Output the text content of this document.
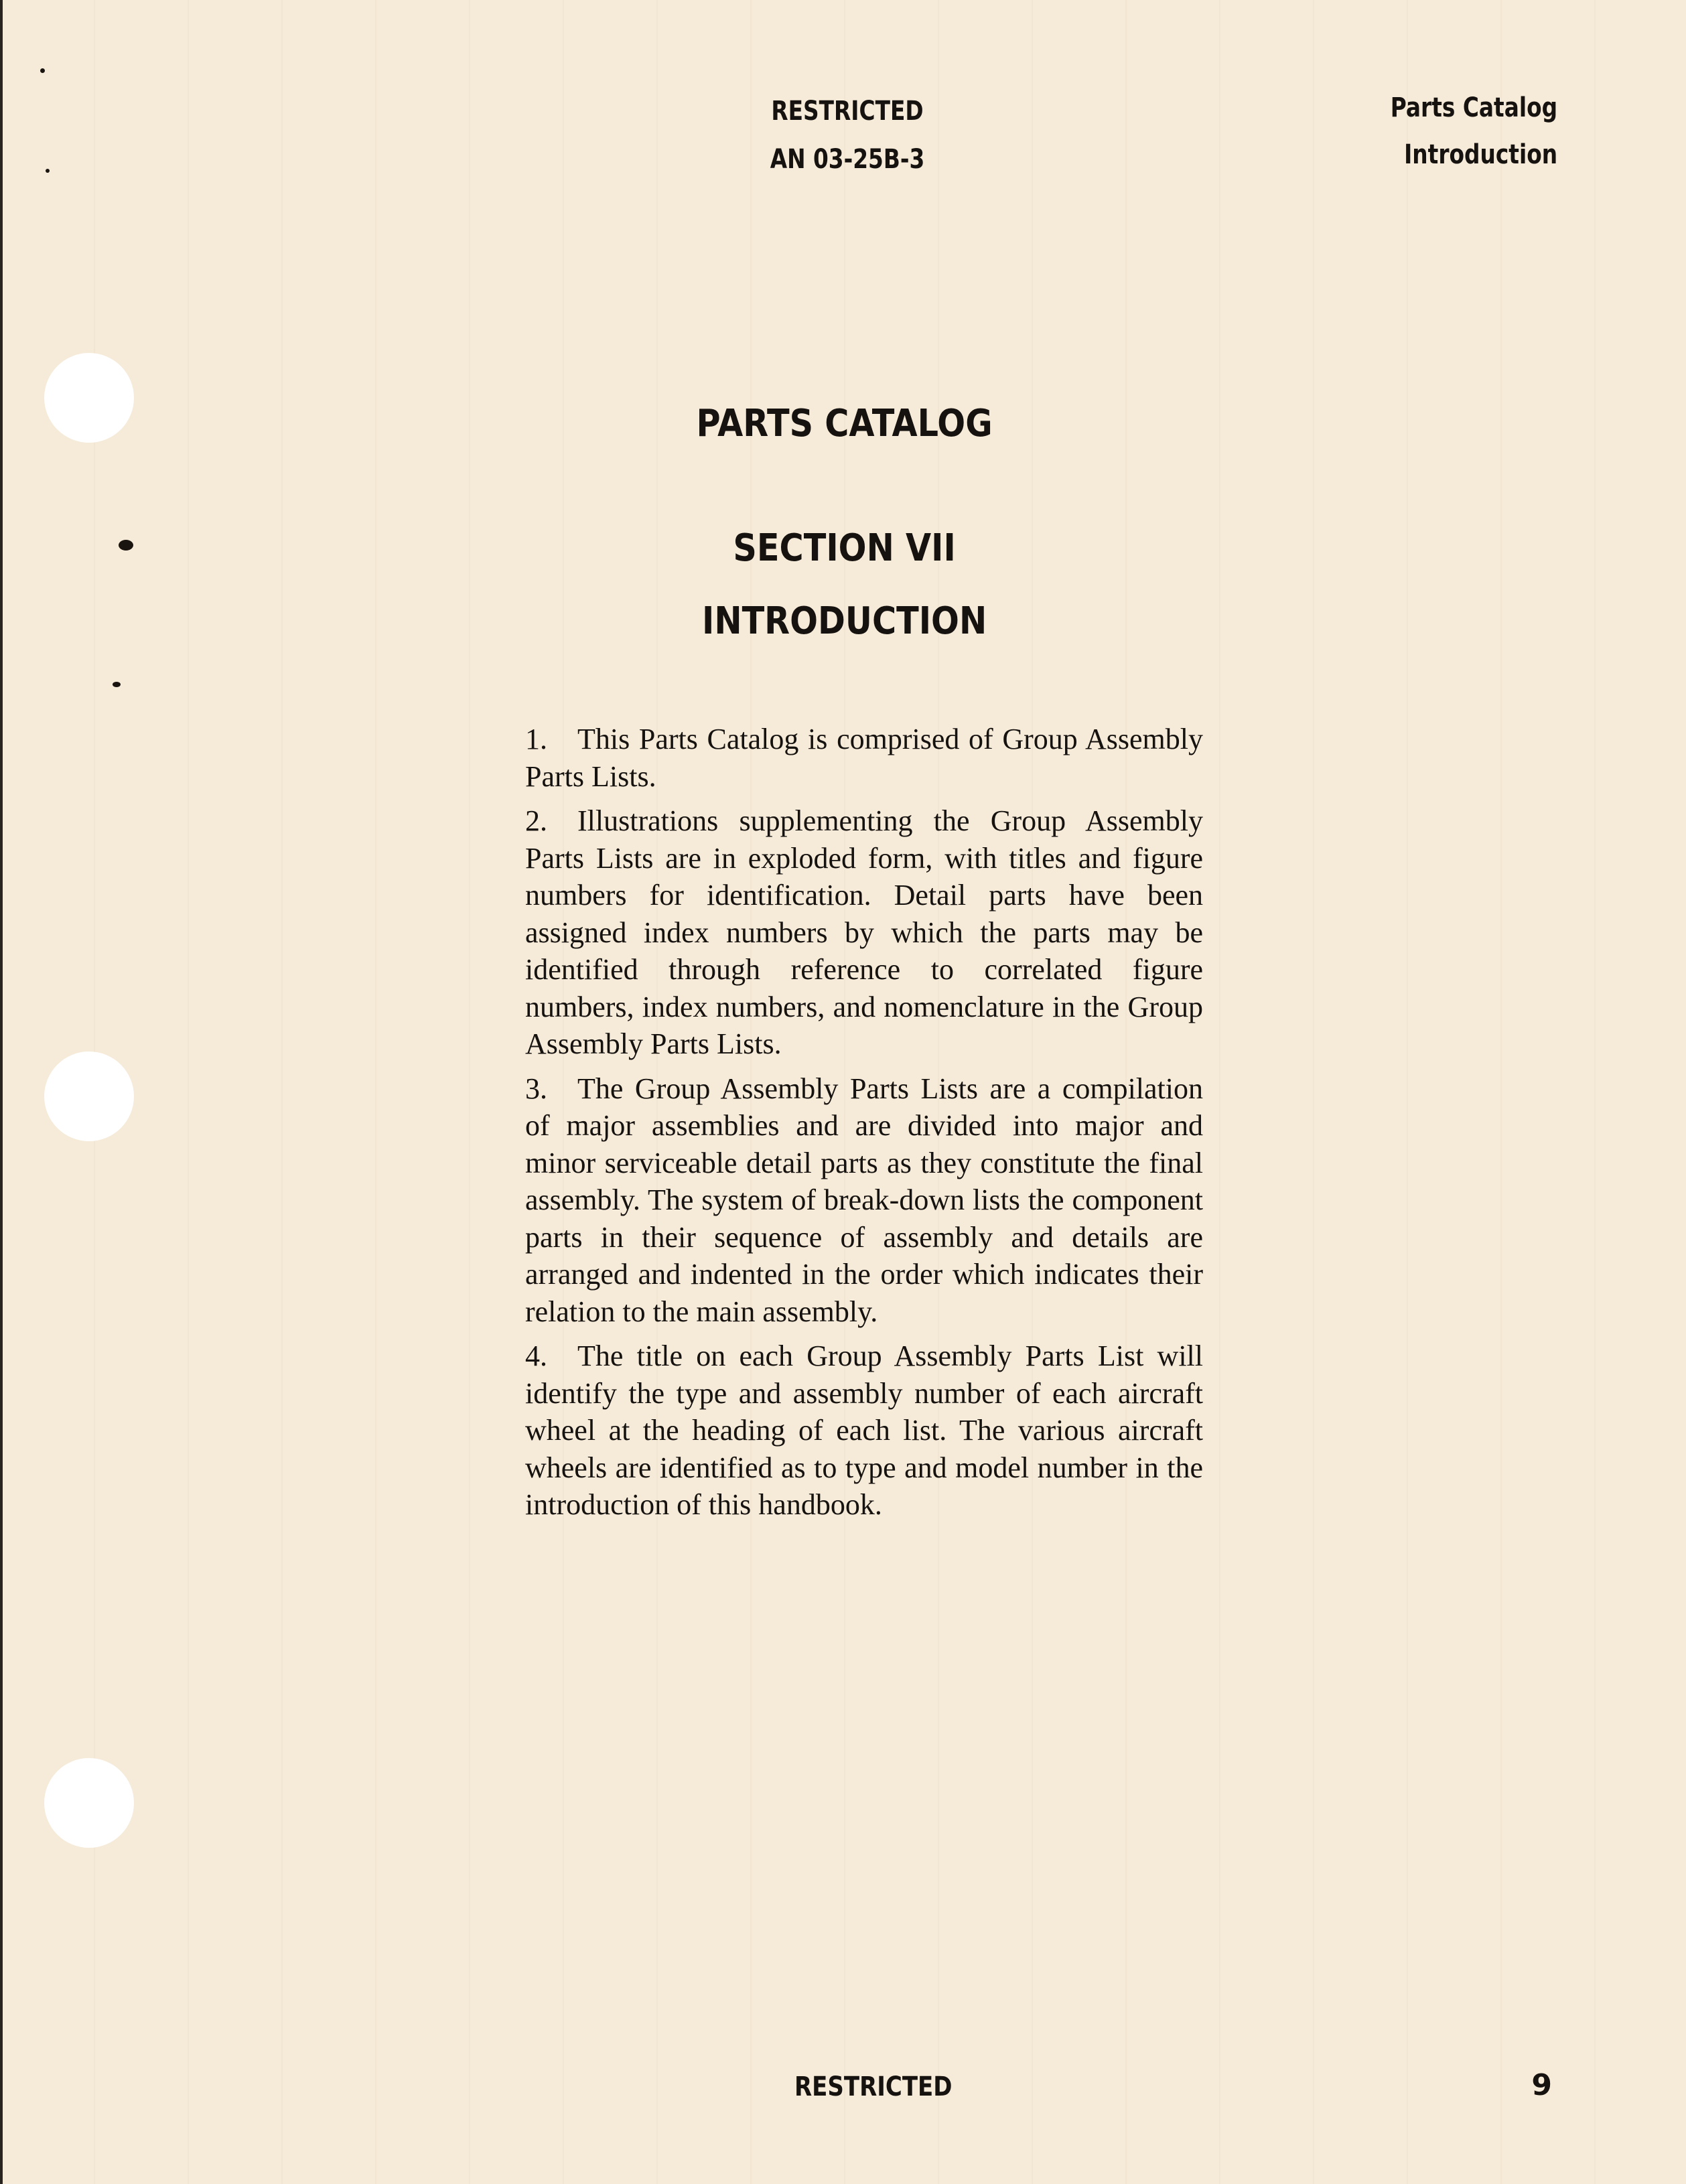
RESTRICTED
AN 03-25B-3
Parts Catalog
Introduction
PARTS CATALOG
SECTION VII
INTRODUCTION

1. This Parts Catalog is comprised of Group Assembly Parts Lists.

2. Illustrations supplementing the Group Assembly Parts Lists are in exploded form, with titles and figure numbers for identification. Detail parts have been assigned index numbers by which the parts may be identified through reference to correlated figure numbers, index numbers, and nomenclature in the Group Assembly Parts Lists.

3. The Group Assembly Parts Lists are a compilation of major assemblies and are divided into major and minor serviceable detail parts as they constitute the final assembly. The system of break-down lists the component parts in their sequence of assembly and details are arranged and indented in the order which indicates their relation to the main assembly.

4. The title on each Group Assembly Parts List will identify the type and assembly number of each aircraft wheel at the heading of each list. The various aircraft wheels are identified as to type and model number in the introduction of this handbook.

RESTRICTED	9
